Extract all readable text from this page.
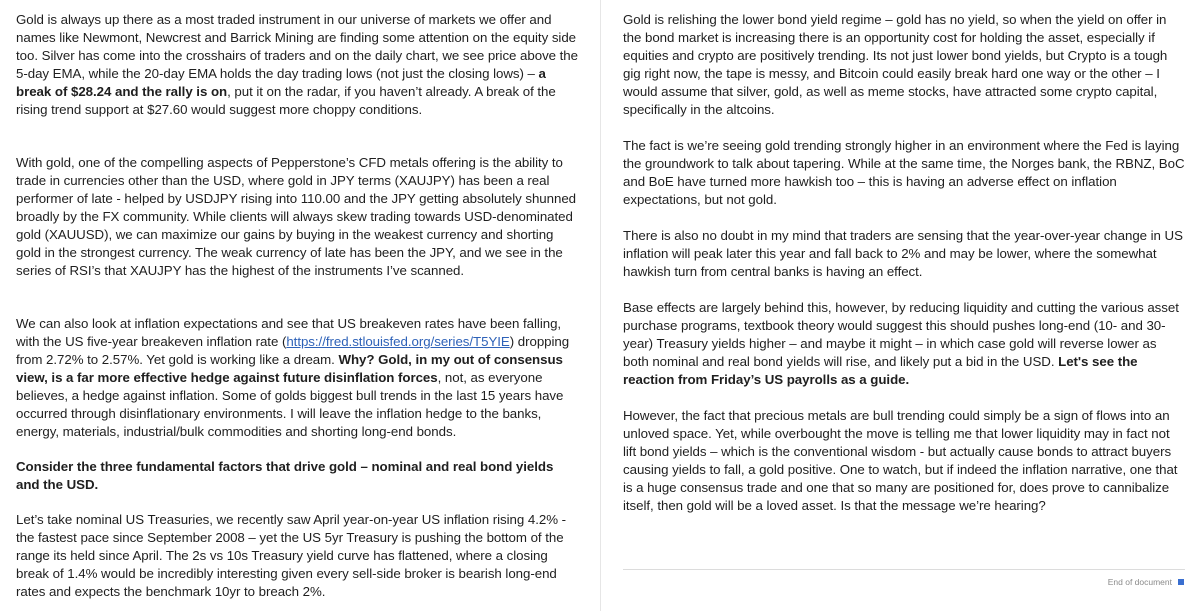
Gold is always up there as a most traded instrument in our universe of markets we offer and names like Newmont, Newcrest and Barrick Mining are finding some attention on the equity side too. Silver has come into the crosshairs of traders and on the daily chart, we see price above the 5-day EMA, while the 20-day EMA holds the day trading lows (not just the closing lows) – a break of $28.24 and the rally is on, put it on the radar, if you haven’t already. A break of the rising trend support at $27.60 would suggest more choppy conditions.

With gold, one of the compelling aspects of Pepperstone’s CFD metals offering is the ability to trade in currencies other than the USD, where gold in JPY terms (XAUJPY) has been a real performer of late - helped by USDJPY rising into 110.00 and the JPY getting absolutely shunned broadly by the FX community. While clients will always skew trading towards USD-denominated gold (XAUUSD), we can maximize our gains by buying in the weakest currency and shorting gold in the strongest currency. The weak currency of late has been the JPY, and we see in the series of RSI’s that XAUJPY has the highest of the instruments I’ve scanned.

We can also look at inflation expectations and see that US breakeven rates have been falling, with the US five-year breakeven inflation rate (https://fred.stlouisfed.org/series/T5YIE) dropping from 2.72% to 2.57%. Yet gold is working like a dream. Why? Gold, in my out of consensus view, is a far more effective hedge against future disinflation forces, not, as everyone believes, a hedge against inflation. Some of golds biggest bull trends in the last 15 years have occurred through disinflationary environments. I will leave the inflation hedge to the banks, energy, materials, industrial/bulk commodities and shorting long-end bonds.

Consider the three fundamental factors that drive gold – nominal and real bond yields and the USD.

Let’s take nominal US Treasuries, we recently saw April year-on-year US inflation rising 4.2% - the fastest pace since September 2008 – yet the US 5yr Treasury is pushing the bottom of the range its held since April. The 2s vs 10s Treasury yield curve has flattened, where a closing break of 1.4% would be incredibly interesting given every sell-side broker is bearish long-end rates and expects the benchmark 10yr to breach 2%.

Gold is relishing the lower bond yield regime – gold has no yield, so when the yield on offer in the bond market is increasing there is an opportunity cost for holding the asset, especially if equities and crypto are positively trending. Its not just lower bond yields, but Crypto is a tough gig right now, the tape is messy, and Bitcoin could easily break hard one way or the other – I would assume that silver, gold, as well as meme stocks, have attracted some crypto capital, specifically in the altcoins.

The fact is we’re seeing gold trending strongly higher in an environment where the Fed is laying the groundwork to talk about tapering. While at the same time, the Norges bank, the RBNZ, BoC and BoE have turned more hawkish too – this is having an adverse effect on inflation expectations, but not gold.

There is also no doubt in my mind that traders are sensing that the year-over-year change in US inflation will peak later this year and fall back to 2% and may be lower, where the somewhat hawkish turn from central banks is having an effect.

Base effects are largely behind this, however, by reducing liquidity and cutting the various asset purchase programs, textbook theory would suggest this should pushes long-end (10- and 30-year) Treasury yields higher – and maybe it might – in which case gold will reverse lower as both nominal and real bond yields will rise, and likely put a bid in the USD. Let's see the reaction from Friday’s US payrolls as a guide.

However, the fact that precious metals are bull trending could simply be a sign of flows into an unloved space. Yet, while overbought the move is telling me that lower liquidity may in fact not lift bond yields – which is the conventional wisdom - but actually cause bonds to attract buyers causing yields to fall, a gold positive. One to watch, but if indeed the inflation narrative, one that is a huge consensus trade and one that so many are positioned for, does prove to cannibalize itself, then gold will be a loved asset. Is that the message we’re hearing?

End of document
